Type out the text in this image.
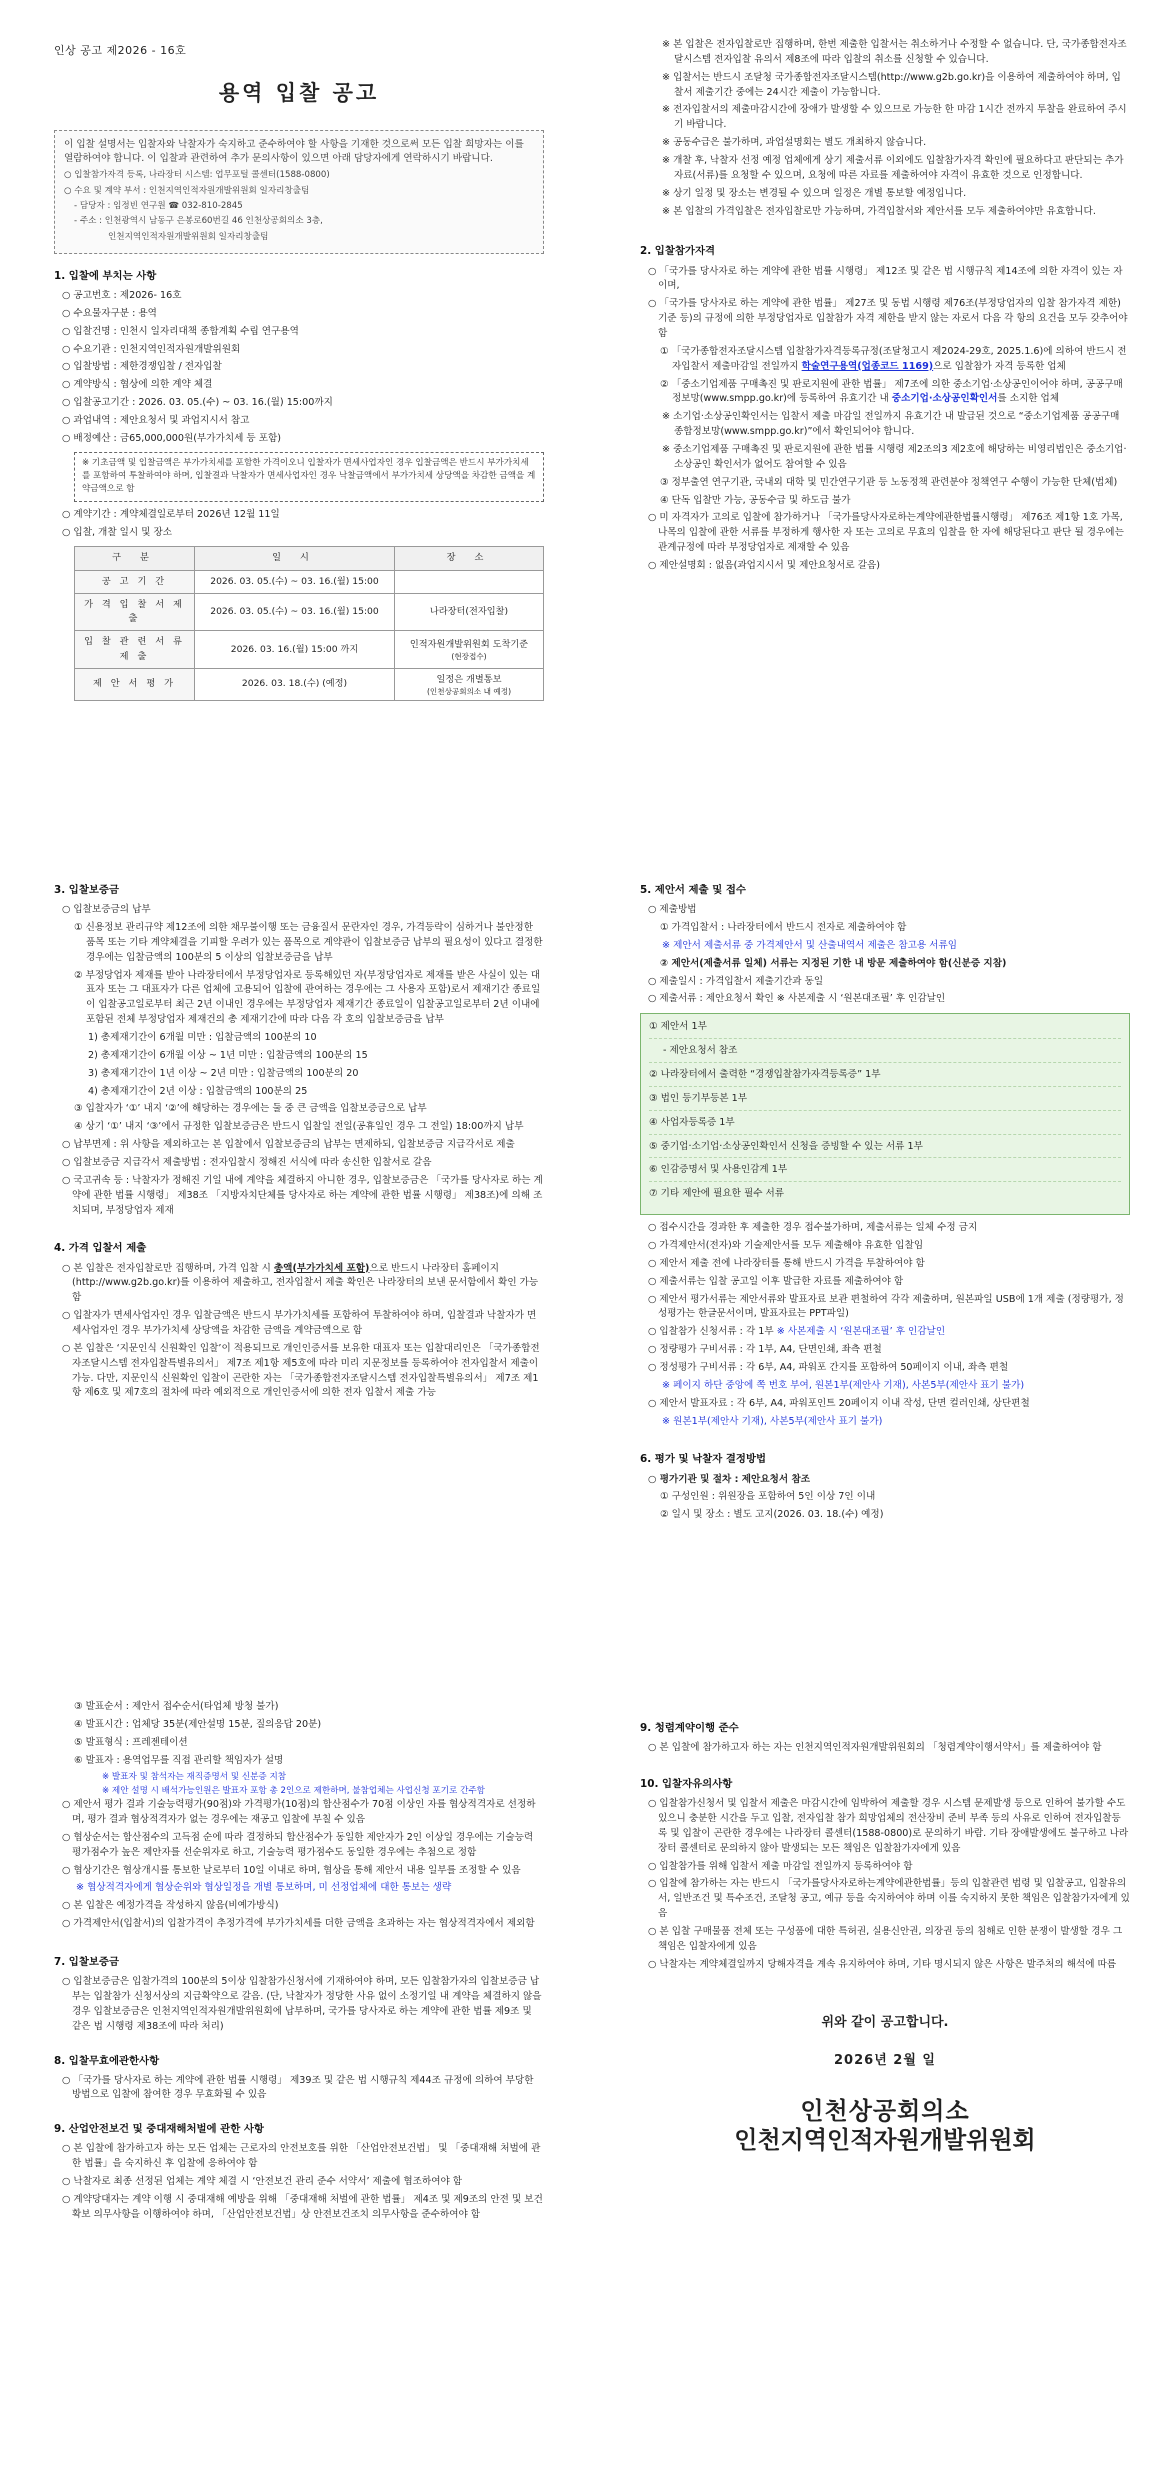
인상 공고 제2026 - 16호
용역 입찰 공고

이 입찰 설명서는 입찰자와 낙찰자가 숙지하고 준수하여야 할 사항을 기재한 것으로써 모든 입찰 희망자는 이를 열람하여야 합니다. 이 입찰과 관련하여 추가 문의사항이 있으면 아래 담당자에게 연락하시기 바랍니다.

○ 입찰참가자격 등록, 나라장터 시스템: 업무포털 콜센터(1588-0800)

○ 수요 및 계약 부서 : 인천지역인적자원개발위원회 일자리창출팀

- 담당자 : 임정빈 연구원 ☎ 032-810-2845

- 주소 : 인천광역시 남동구 은봉로60번길 46 인천상공회의소 3층,

인천지역인적자원개발위원회 일자리창출팀

1. 입찰에 부치는 사항

○ 공고번호 : 제2026- 16호

○ 수요물자구분 : 용역

○ 입찰건명 : 인천시 일자리대책 종합계획 수립 연구용역

○ 수요기관 : 인천지역인적자원개발위원회

○ 입찰방법 : 제한경쟁입찰 / 전자입찰

○ 계약방식 : 협상에 의한 계약 체결

○ 입찰공고기간 : 2026. 03. 05.(수) ~ 03. 16.(월) 15:00까지

○ 과업내역 : 제안요청서 및 과업지시서 참고

○ 배정예산 : 금65,000,000원(부가가치세 등 포함)

※ 기초금액 및 입찰금액은 부가가치세를 포함한 가격이오니 입찰자가 면세사업자인 경우 입찰금액은 반드시 부가가치세를 포함하여 투찰하여야 하며, 입찰결과 낙찰자가 면세사업자인 경우 낙찰금액에서 부가가치세 상당액을 차감한 금액을 계약금액으로 함

○ 계약기간 : 계약체결일로부터 2026년 12월 11일

○ 입찰, 개찰 일시 및 장소

구 분	일 시	장 소
공 고 기 간	2026. 03. 05.(수) ~ 03. 16.(월) 15:00	
가 격 입 찰 서 제 출	2026. 03. 05.(수) ~ 03. 16.(월) 15:00	나라장터(전자입찰)
입 찰 관 련 서 류 제 출	2026. 03. 16.(월) 15:00 까지	인적자원개발위원회 도착기준
(현장접수)

제 안 서 평 가	2026. 03. 18.(수) (예정)	일정은 개별통보
(인천상공회의소 내 예정)

※ 본 입찰은 전자입찰로만 집행하며, 한번 제출한 입찰서는 취소하거나 수정할 수 없습니다. 단, 국가종합전자조달시스템 전자입찰 유의서 제8조에 따라 입찰의 취소를 신청할 수 있습니다.

※ 입찰서는 반드시 조달청 국가종합전자조달시스템(http://www.g2b.go.kr)을 이용하여 제출하여야 하며, 입찰서 제출기간 중에는 24시간 제출이 가능합니다.

※ 전자입찰서의 제출마감시간에 장애가 발생할 수 있으므로 가능한 한 마감 1시간 전까지 투찰을 완료하여 주시기 바랍니다.

※ 공동수급은 불가하며, 과업설명회는 별도 개최하지 않습니다.

※ 개찰 후, 낙찰자 선정 예정 업체에게 상기 제출서류 이외에도 입찰참가자격 확인에 필요하다고 판단되는 추가 자료(서류)를 요청할 수 있으며, 요청에 따른 자료를 제출하여야 자격이 유효한 것으로 인정합니다.

※ 상기 일정 및 장소는 변경될 수 있으며 일정은 개별 통보할 예정입니다.

※ 본 입찰의 가격입찰은 전자입찰로만 가능하며, 가격입찰서와 제안서를 모두 제출하여야만 유효합니다.

2. 입찰참가자격

○ 「국가를 당사자로 하는 계약에 관한 법률 시행령」 제12조 및 같은 법 시행규칙 제14조에 의한 자격이 있는 자이며,

○ 「국가를 당사자로 하는 계약에 관한 법률」 제27조 및 동법 시행령 제76조(부정당업자의 입찰 참가자격 제한)기준 등)의 규정에 의한 부정당업자로 입찰참가 자격 제한을 받지 않는 자로서 다음 각 항의 요건을 모두 갖추어야 함

① 「국가종합전자조달시스템 입찰참가자격등록규정(조달청고시 제2024-29호, 2025.1.6)에 의하여 반드시 전자입찰서 제출마감일 전일까지 학술연구용역(업종코드 1169)으로 입찰참가 자격 등록한 업체

② 「중소기업제품 구매촉진 및 판로지원에 관한 법률」 제7조에 의한 중소기업·소상공인이어야 하며, 공공구매정보망(www.smpp.go.kr)에 등록하여 유효기간 내 중소기업·소상공인확인서를 소지한 업체

※ 소기업·소상공인확인서는 입찰서 제출 마감일 전일까지 유효기간 내 발급된 것으로 “중소기업제품 공공구매 종합정보망(www.smpp.go.kr)”에서 확인되어야 합니다.

※ 중소기업제품 구매촉진 및 판로지원에 관한 법률 시행령 제2조의3 제2호에 해당하는 비영리법인은 중소기업·소상공인 확인서가 없어도 참여할 수 있음

③ 정부출연 연구기관, 국내외 대학 및 민간연구기관 등 노동정책 관련분야 정책연구 수행이 가능한 단체(법체)

④ 단독 입찰만 가능, 공동수급 및 하도급 불가

○ 미 자격자가 고의로 입찰에 참가하거나 「국가를당사자로하는계약에관한법률시행령」 제76조 제1항 1호 가목, 나목의 입찰에 관한 서류를 부정하게 행사한 자 또는 고의로 무효의 입찰을 한 자에 해당된다고 판단 될 경우에는 관계규정에 따라 부정당업자로 제재할 수 있음

○ 제안설명회 : 없음(과업지시서 및 제안요청서로 갈음)

3. 입찰보증금

○ 입찰보증금의 납부

① 신용정보 관리규약 제12조에 의한 채무불이행 또는 금융질서 문란자인 경우, 가격등락이 심하거나 불안정한 품목 또는 기타 계약체결을 기피할 우려가 있는 품목으로 계약관이 입찰보증금 납부의 필요성이 있다고 결정한 경우에는 입찰금액의 100분의 5 이상의 입찰보증금을 납부

② 부정당업자 제재를 받아 나라장터에서 부정당업자로 등록해있던 자(부정당업자로 제재를 받은 사실이 있는 대표자 또는 그 대표자가 다른 업체에 고용되어 입찰에 관여하는 경우에는 그 사용자 포함)로서 제재기간 종료일이 입찰공고일로부터 최근 2년 이내인 경우에는 부정당업자 제재기간 종료일이 입찰공고일로부터 2년 이내에 포함된 전체 부정당업자 제재건의 총 제재기간에 따라 다음 각 호의 입찰보증금을 납부

1) 총제재기간이 6개월 미만 : 입찰금액의 100분의 10

2) 총제재기간이 6개월 이상 ~ 1년 미만 : 입찰금액의 100분의 15

3) 총제재기간이 1년 이상 ~ 2년 미만 : 입찰금액의 100분의 20

4) 총제재기간이 2년 이상 : 입찰금액의 100분의 25

③ 입찰자가 ‘①’ 내지 ‘②’에 해당하는 경우에는 둘 중 큰 금액을 입찰보증금으로 납부

④ 상기 ‘①’ 내지 ‘③’에서 규정한 입찰보증금은 반드시 입찰일 전일(공휴일인 경우 그 전일) 18:00까지 납부

○ 납부면제 : 위 사항을 제외하고는 본 입찰에서 입찰보증금의 납부는 면제하되, 입찰보증금 지급각서로 제출

○ 입찰보증금 지급각서 제출방법 : 전자입찰시 정해진 서식에 따라 송신한 입찰서로 갈음

○ 국고귀속 등 : 낙찰자가 정해진 기일 내에 계약을 체결하지 아니한 경우, 입찰보증금은 「국가를 당사자로 하는 계약에 관한 법률 시행령」 제38조 「지방자치단체를 당사자로 하는 계약에 관한 법률 시행령」 제38조)에 의해 조치되며, 부정당업자 제재

4. 가격 입찰서 제출

○ 본 입찰은 전자입찰로만 집행하며, 가격 입찰 시 총액(부가가치세 포함)으로 반드시 나라장터 홈페이지(http://www.g2b.go.kr)를 이용하여 제출하고, 전자입찰서 제출 확인은 나라장터의 보낸 문서함에서 확인 가능함

○ 입찰자가 면세사업자인 경우 입찰금액은 반드시 부가가치세를 포함하여 투찰하여야 하며, 입찰결과 낙찰자가 면세사업자인 경우 부가가치세 상당액을 차감한 금액을 계약금액으로 함

○ 본 입찰은 ‘지문인식 신원확인 입찰’이 적용되므로 개인인증서를 보유한 대표자 또는 입찰대리인은 「국가종합전자조달시스템 전자입찰특별유의서」 제7조 제1항 제5호에 따라 미리 지문정보를 등록하여야 전자입찰서 제출이 가능. 다만, 지문인식 신원확인 입찰이 곤란한 자는 「국가종합전자조달시스템 전자입찰특별유의서」 제7조 제1항 제6호 및 제7호의 절차에 따라 예외적으로 개인인증서에 의한 전자 입찰서 제출 가능

5. 제안서 제출 및 접수

○ 제출방법

① 가격입찰서 : 나라장터에서 반드시 전자로 제출하여야 함

※ 제안서 제출서류 중 가격제안서 및 산출내역서 제출은 참고용 서류임

② 제안서(제출서류 일체) 서류는 지정된 기한 내 방문 제출하여야 함(신분증 지참)

○ 제출일시 : 가격입찰서 제출기간과 동일

○ 제출서류 : 제안요청서 확인 ※ 사본제출 시 ‘원본대조필’ 후 인감날인

① 제안서 1부

- 제안요청서 참조

② 나라장터에서 출력한 “경쟁입찰참가자격등록증” 1부

③ 법인 등기부등본 1부

④ 사업자등록증 1부

⑤ 중기업·소기업·소상공인확인서 신청을 증빙할 수 있는 서류 1부

⑥ 인감증명서 및 사용인감계 1부

⑦ 기타 제안에 필요한 필수 서류

○ 접수시간을 경과한 후 제출한 경우 접수불가하며, 제출서류는 일체 수정 금지

○ 가격제안서(전자)와 기술제안서를 모두 제출해야 유효한 입찰임

○ 제안서 제출 전에 나라장터를 통해 반드시 가격을 투찰하여야 함

○ 제출서류는 입찰 공고일 이후 발급한 자료를 제출하여야 함

○ 제안서 평가서류는 제안서류와 발표자료 보관 편철하여 각각 제출하며, 원본파일 USB에 1개 제출 (정량평가, 정성평가는 한글문서이며, 발표자료는 PPT파일)

○ 입찰참가 신청서류 : 각 1부 ※ 사본제출 시 ‘원본대조필’ 후 인감날인

○ 정량평가 구비서류 : 각 1부, A4, 단면인쇄, 좌측 편철

○ 정성평가 구비서류 : 각 6부, A4, 파워포 간지를 포함하여 50페이지 이내, 좌측 편철

※ 페이지 하단 중앙에 쪽 번호 부여, 원본1부(제안사 기재), 사본5부(제안사 표기 불가)

○ 제안서 발표자료 : 각 6부, A4, 파워포인트 20페이지 이내 작성, 단면 컬러인쇄, 상단편철

※ 원본1부(제안사 기재), 사본5부(제안사 표기 불가)

6. 평가 및 낙찰자 결정방법

○ 평가기관 및 절차 : 제안요청서 참조

① 구성인원 : 위원장을 포함하여 5인 이상 7인 이내

② 일시 및 장소 : 별도 고지(2026. 03. 18.(수) 예정)

③ 발표순서 : 제안서 접수순서(타업체 방청 불가)

④ 발표시간 : 업체당 35분(제안설명 15분, 질의응답 20분)

⑤ 발표형식 : 프레젠테이션

⑥ 발표자 : 용역업무를 직접 관리할 책임자가 설명

※ 발표자 및 참석자는 재직증명서 및 신분증 지참

※ 제안 설명 시 배석가능인원은 발표자 포함 총 2인으로 제한하며, 불참업체는 사업신청 포기로 간주함

○ 제안서 평가 결과 기술능력평가(90점)와 가격평가(10점)의 합산점수가 70점 이상인 자를 협상적격자로 선정하며, 평가 결과 협상적격자가 없는 경우에는 재공고 입찰에 부칠 수 있음

○ 협상순서는 합산점수의 고득점 순에 따라 결정하되 합산점수가 동일한 제안자가 2인 이상일 경우에는 기술능력 평가점수가 높은 제안자를 선순위자로 하고, 기술능력 평가점수도 동일한 경우에는 추첨으로 정함

○ 협상기간은 협상개시를 통보한 날로부터 10일 이내로 하며, 협상을 통해 제안서 내용 일부를 조정할 수 있음

※ 협상적격자에게 협상순위와 협상일정을 개별 통보하며, 미 선정업체에 대한 통보는 생략

○ 본 입찰은 예정가격을 작성하지 않음(비예가방식)

○ 가격제안서(입찰서)의 입찰가격이 추정가격에 부가가치세를 더한 금액을 초과하는 자는 협상적격자에서 제외함

7. 입찰보증금

○ 입찰보증금은 입찰가격의 100분의 5이상 입찰참가신청서에 기재하여야 하며, 모든 입찰참가자의 입찰보증금 납부는 입찰참가 신청서상의 지급확약으로 갈음. (단, 낙찰자가 정당한 사유 없이 소정기일 내 계약을 체결하지 않을 경우 입찰보증금은 인천지역인적자원개발위원회에 납부하며, 국가를 당사자로 하는 계약에 관한 법률 제9조 및 같은 법 시행령 제38조에 따라 처리)

8. 입찰무효에관한사항

○ 「국가를 당사자로 하는 계약에 관한 법률 시행령」 제39조 및 같은 법 시행규칙 제44조 규정에 의하여 부당한 방법으로 입찰에 참여한 경우 무효화될 수 있음

9. 산업안전보건 및 중대재해처벌에 관한 사항

○ 본 입찰에 참가하고자 하는 모든 업체는 근로자의 안전보호를 위한 「산업안전보건법」 및 「중대재해 처벌에 관한 법률」을 숙지하신 후 입찰에 응하여야 함

○ 낙찰자로 최종 선정된 업체는 계약 체결 시 ‘안전보건 관리 준수 서약서’ 제출에 협조하여야 함

○ 계약당대자는 계약 이행 시 중대재해 예방을 위해 「중대재해 처벌에 관한 법률」 제4조 및 제9조의 안전 및 보건 확보 의무사항을 이행하여야 하며, 「산업안전보건법」상 안전보건조치 의무사항을 준수하여야 함

9. 청렴계약이행 준수

○ 본 입찰에 참가하고자 하는 자는 인천지역인적자원개발위원회의 「청렴계약이행서약서」를 제출하여야 함

10. 입찰자유의사항

○ 입찰참가신청서 및 입찰서 제출은 마감시간에 임박하여 제출할 경우 시스템 문제발생 등으로 인하여 불가할 수도 있으니 충분한 시간을 두고 입찰, 전자입찰 참가 희망업체의 전산장비 준비 부족 등의 사유로 인하여 전자입찰등록 및 입찰이 곤란한 경우에는 나라장터 콜센터(1588-0800)로 문의하기 바람. 기타 장애발생에도 불구하고 나라장터 콜센터로 문의하지 않아 발생되는 모든 책임은 입찰참가자에게 있음

○ 입찰참가를 위해 입찰서 제출 마감일 전일까지 등록하여야 함

○ 입찰에 참가하는 자는 반드시 「국가를당사자로하는계약에관한법률」등의 입찰관련 법령 및 입찰공고, 입찰유의서, 일반조건 및 특수조건, 조달청 공고, 예규 등을 숙지하여야 하며 이를 숙지하지 못한 책임은 입찰참가자에게 있음

○ 본 입찰 구매물품 전체 또는 구성품에 대한 특허권, 실용신안권, 의장권 등의 침해로 인한 분쟁이 발생할 경우 그 책임은 입찰자에게 있음

○ 낙찰자는 계약체결일까지 당해자격을 계속 유지하여야 하며, 기타 명시되지 않은 사항은 발주처의 해석에 따름

위와 같이 공고합니다.
2026년 2월 일
인천상공회의소
인천지역인적자원개발위원회
